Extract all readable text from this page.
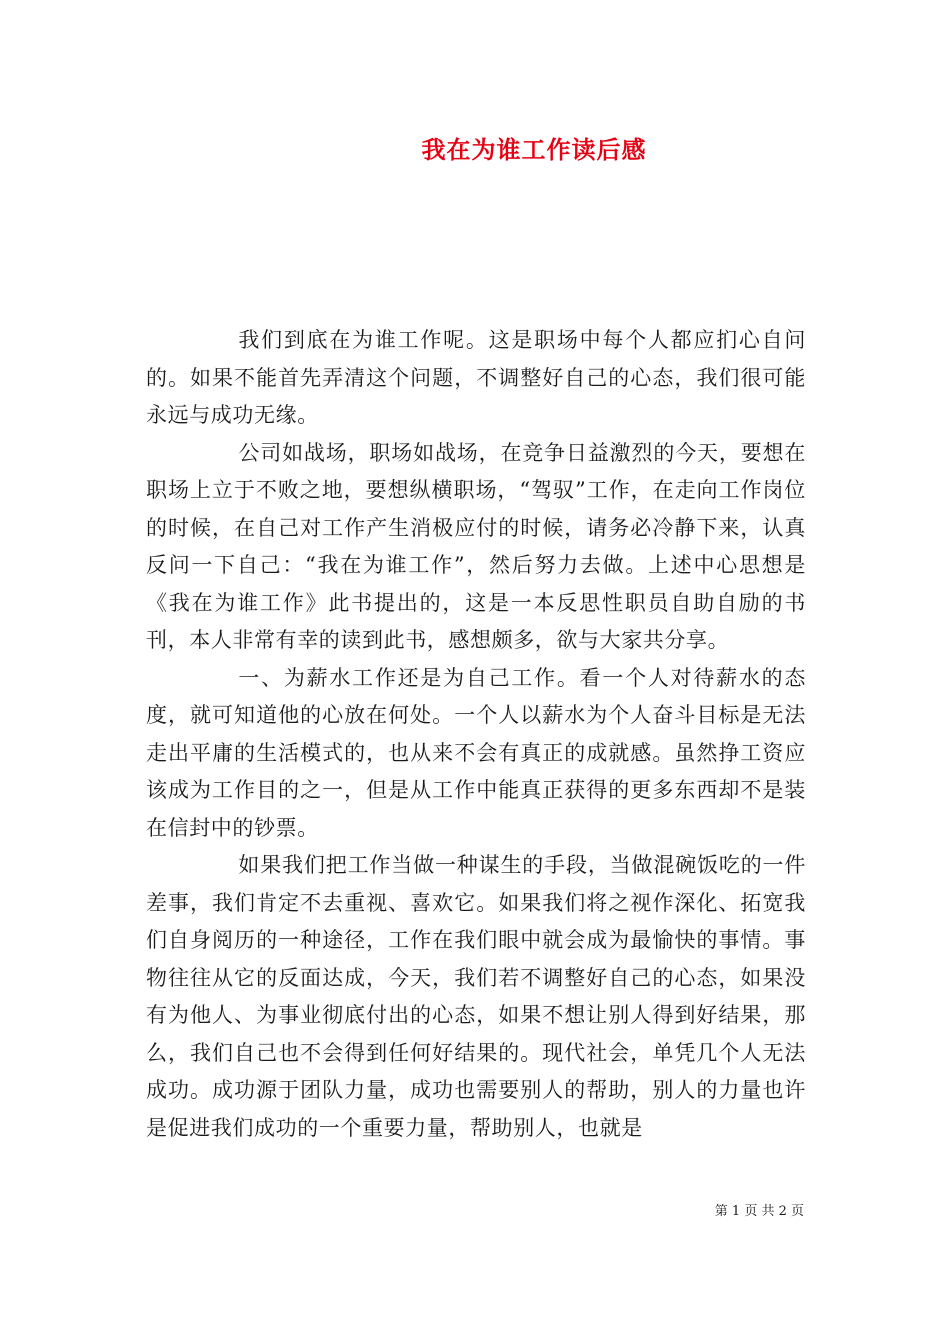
我在为谁工作读后感

我们到底在为谁工作呢。这是职场中每个人都应扪心自问的。如果不能首先弄清这个问题，不调整好自己的心态，我们很可能永远与成功无缘。

公司如战场，职场如战场，在竞争日益激烈的今天，要想在职场上立于不败之地，要想纵横职场，“驾驭”工作，在走向工作岗位的时候，在自己对工作产生消极应付的时候，请务必冷静下来，认真反问一下自己：“我在为谁工作”，然后努力去做。上述中心思想是《我在为谁工作》此书提出的，这是一本反思性职员自助自励的书刊，本人非常有幸的读到此书，感想颇多，欲与大家共分享。

一、为薪水工作还是为自己工作。看一个人对待薪水的态度，就可知道他的心放在何处。一个人以薪水为个人奋斗目标是无法走出平庸的生活模式的，也从来不会有真正的成就感。虽然挣工资应该成为工作目的之一，但是从工作中能真正获得的更多东西却不是装在信封中的钞票。

如果我们把工作当做一种谋生的手段，当做混碗饭吃的一件差事，我们肯定不去重视、喜欢它。如果我们将之视作深化、拓宽我们自身阅历的一种途径，工作在我们眼中就会成为最愉快的事情。事物往往从它的反面达成，今天，我们若不调整好自己的心态，如果没有为他人、为事业彻底付出的心态，如果不想让别人得到好结果，那么，我们自己也不会得到任何好结果的。现代社会，单凭几个人无法成功。成功源于团队力量，成功也需要别人的帮助，别人的力量也许是促进我们成功的一个重要力量，帮助别人，也就是

第 1 页 共 2 页
